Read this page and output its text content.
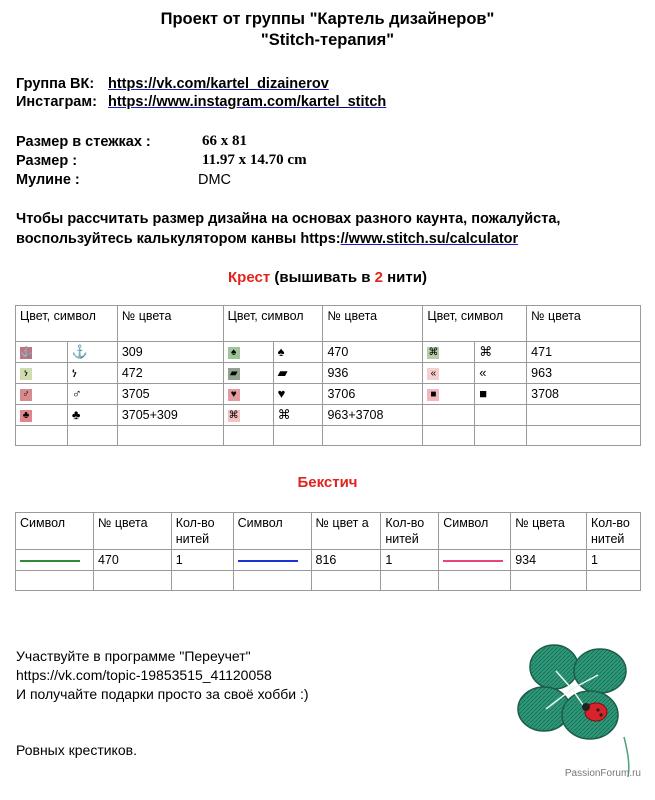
Проект от группы "Картель дизайнеров"
"Stitch-терапия"
Группа ВК: https://vk.com/kartel_dizainerov
Инстаграм: https://www.instagram.com/kartel_stitch
Размер в стежках :	66 x 81
Размер :	11.97 x 14.70 cm
Мулине :	DMC
Чтобы рассчитать размер дизайна на основах разного каунта, пожалуйста,
воспользуйтесь калькулятором канвы https://www.stitch.su/calculator
Крест (вышивать в 2 нити)
Цвет, символ		№ цвета	Цвет, символ		№ цвета	Цвет, символ		№ цвета
⚓	⚓	309	♠	♠	470	⌘	⌘	471
ነ	ነ	472	▰	▰	936	«	«	963
♂	♂	3705	♥	♥	3706	■	■	3708
♣	♣	3705+309	⌘	⌘	963+3708			

Бекстич
Символ	№ цвета	Кол-во нитей	Символ	№ цвет а	Кол-во нитей	Символ	№ цвета	Кол-во нитей
	470	1		816	1		934	1

Участвуйте в программе "Переучет"
https://vk.com/topic-19853515_41120058
И получайте подарки просто за своё хобби :)
Ровных крестиков.
PassionForum.ru
